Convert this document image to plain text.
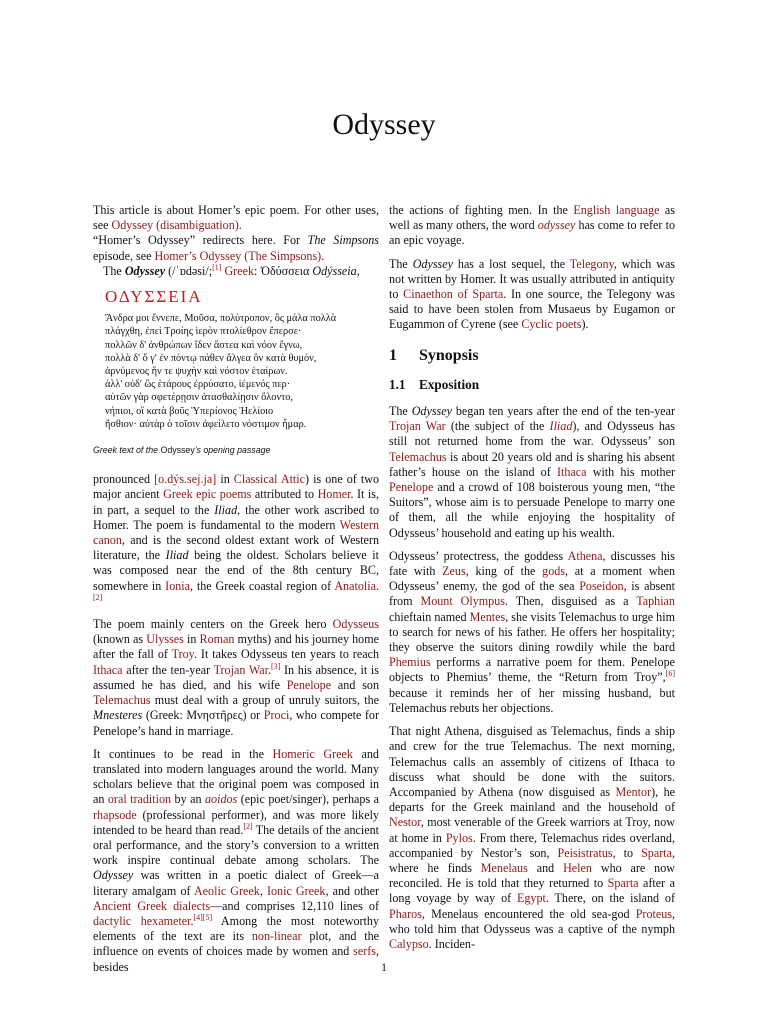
Odyssey

This article is about Homer’s epic poem. For other uses, see Odyssey (disambiguation).

“Homer’s Odyssey” redirects here. For The Simpsons episode, see Homer’s Odyssey (The Simpsons).

The Odyssey (/ˈɒdəsi/;[1] Greek: Ὀδύσσεια Odýsseia,

ΟΔΥΣΣΕΙΑ
Ἄνδρα μοι ἔννεπε, Μοῦσα, πολύτροπον, ὃς μάλα πολλὰ
πλάγχθη, ἐπεὶ Τροίης ἱερὸν πτολίεθρον ἔπερσε·
πολλῶν δ' ἀνθρώπων ἴδεν ἄστεα καὶ νόον ἔγνω,
πολλὰ δ' ὅ γ' ἐν πόντῳ πάθεν ἄλγεα ὃν κατὰ θυμόν,
ἀρνύμενος ἥν τε ψυχὴν καὶ νόστον ἑταίρων.
ἀλλ' οὐδ' ὣς ἑτάρους ἐρρύσατο, ἱέμενός περ·
αὐτῶν γὰρ σφετέρῃσιν ἀτασθαλίῃσιν ὄλοντο,
νήπιοι, οἳ κατὰ βοῦς Ὑπερίονος Ἠελίοιο
ἤσθιον· αὐτὰρ ὁ τοῖσιν ἀφείλετο νόστιμον ἦμαρ.
Greek text of the Odyssey’s opening passage

pronounced [o.dýs.sej.ja] in Classical Attic) is one of two major ancient Greek epic poems attributed to Homer. It is, in part, a sequel to the Iliad, the other work ascribed to Homer. The poem is fundamental to the modern Western canon, and is the second oldest extant work of Western literature, the Iliad being the oldest. Scholars believe it was composed near the end of the 8th century BC, somewhere in Ionia, the Greek coastal region of Anatolia.[2]

The poem mainly centers on the Greek hero Odysseus (known as Ulysses in Roman myths) and his journey home after the fall of Troy. It takes Odysseus ten years to reach Ithaca after the ten-year Trojan War.[3] In his absence, it is assumed he has died, and his wife Penelope and son Telemachus must deal with a group of unruly suitors, the Mnesteres (Greek: Μνηστῆρες) or Proci, who compete for Penelope’s hand in marriage.

It continues to be read in the Homeric Greek and translated into modern languages around the world. Many scholars believe that the original poem was composed in an oral tradition by an aoidos (epic poet/singer), perhaps a rhapsode (professional performer), and was more likely intended to be heard than read.[2] The details of the ancient oral performance, and the story’s conversion to a written work inspire continual debate among scholars. The Odyssey was written in a poetic dialect of Greek—a literary amalgam of Aeolic Greek, Ionic Greek, and other Ancient Greek dialects—and comprises 12,110 lines of dactylic hexameter.[4][5] Among the most noteworthy elements of the text are its non-linear plot, and the influence on events of choices made by women and serfs, besides

the actions of fighting men. In the English language as well as many others, the word odyssey has come to refer to an epic voyage.

The Odyssey has a lost sequel, the Telegony, which was not written by Homer. It was usually attributed in antiquity to Cinaethon of Sparta. In one source, the Telegony was said to have been stolen from Musaeus by Eugamon or Eugammon of Cyrene (see Cyclic poets).

1 Synopsis
1.1 Exposition

The Odyssey began ten years after the end of the ten-year Trojan War (the subject of the Iliad), and Odysseus has still not returned home from the war. Odysseus’ son Telemachus is about 20 years old and is sharing his absent father’s house on the island of Ithaca with his mother Penelope and a crowd of 108 boisterous young men, “the Suitors”, whose aim is to persuade Penelope to marry one of them, all the while enjoying the hospitality of Odysseus’ household and eating up his wealth.

Odysseus’ protectress, the goddess Athena, discusses his fate with Zeus, king of the gods, at a moment when Odysseus’ enemy, the god of the sea Poseidon, is absent from Mount Olympus. Then, disguised as a Taphian chieftain named Mentes, she visits Telemachus to urge him to search for news of his father. He offers her hospitality; they observe the suitors dining rowdily while the bard Phemius performs a narrative poem for them. Penelope objects to Phemius’ theme, the “Return from Troy”,[6] because it reminds her of her missing husband, but Telemachus rebuts her objections.

That night Athena, disguised as Telemachus, finds a ship and crew for the true Telemachus. The next morning, Telemachus calls an assembly of citizens of Ithaca to discuss what should be done with the suitors. Accompanied by Athena (now disguised as Mentor), he departs for the Greek mainland and the household of Nestor, most venerable of the Greek warriors at Troy, now at home in Pylos. From there, Telemachus rides overland, accompanied by Nestor’s son, Peisistratus, to Sparta, where he finds Menelaus and Helen who are now reconciled. He is told that they returned to Sparta after a long voyage by way of Egypt. There, on the island of Pharos, Menelaus encountered the old sea-god Proteus, who told him that Odysseus was a captive of the nymph Calypso. Inciden-

1
